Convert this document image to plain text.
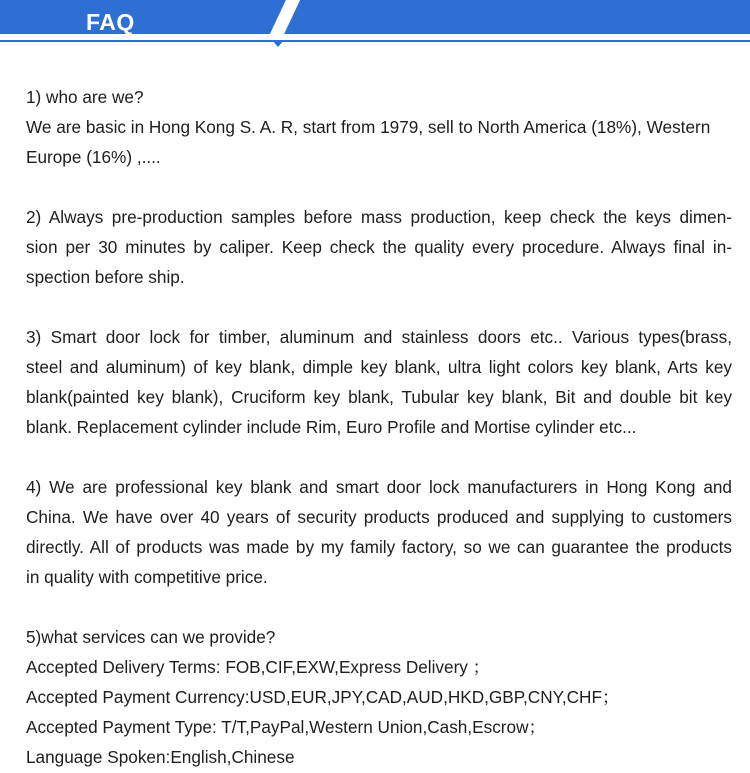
FAQ
1) who are we?
We are basic in Hong Kong S. A. R, start from 1979, sell to North America (18%), Western
Europe (16%) ,....
2) Always pre-production samples before mass production, keep check the keys dimen-
sion per 30 minutes by caliper. Keep check the quality every procedure. Always final in-
spection before ship.
3) Smart door lock for timber, aluminum and stainless doors etc.. Various types(brass,
steel and aluminum) of key blank, dimple key blank, ultra light colors key blank, Arts key
blank(painted key blank), Cruciform key blank, Tubular key blank, Bit and double bit key
blank. Replacement cylinder include Rim, Euro Profile and Mortise cylinder etc...
4) We are professional key blank and smart door lock manufacturers in Hong Kong and
China. We have over 40 years of security products produced and supplying to customers
directly. All of products was made by my family factory, so we can guarantee the products
in quality with competitive price.
5)what services can we provide?
Accepted Delivery Terms: FOB,CIF,EXW,Express Delivery ；
Accepted Payment Currency:USD,EUR,JPY,CAD,AUD,HKD,GBP,CNY,CHF；
Accepted Payment Type: T/T,PayPal,Western Union,Cash,Escrow；
Language Spoken:English,Chinese
